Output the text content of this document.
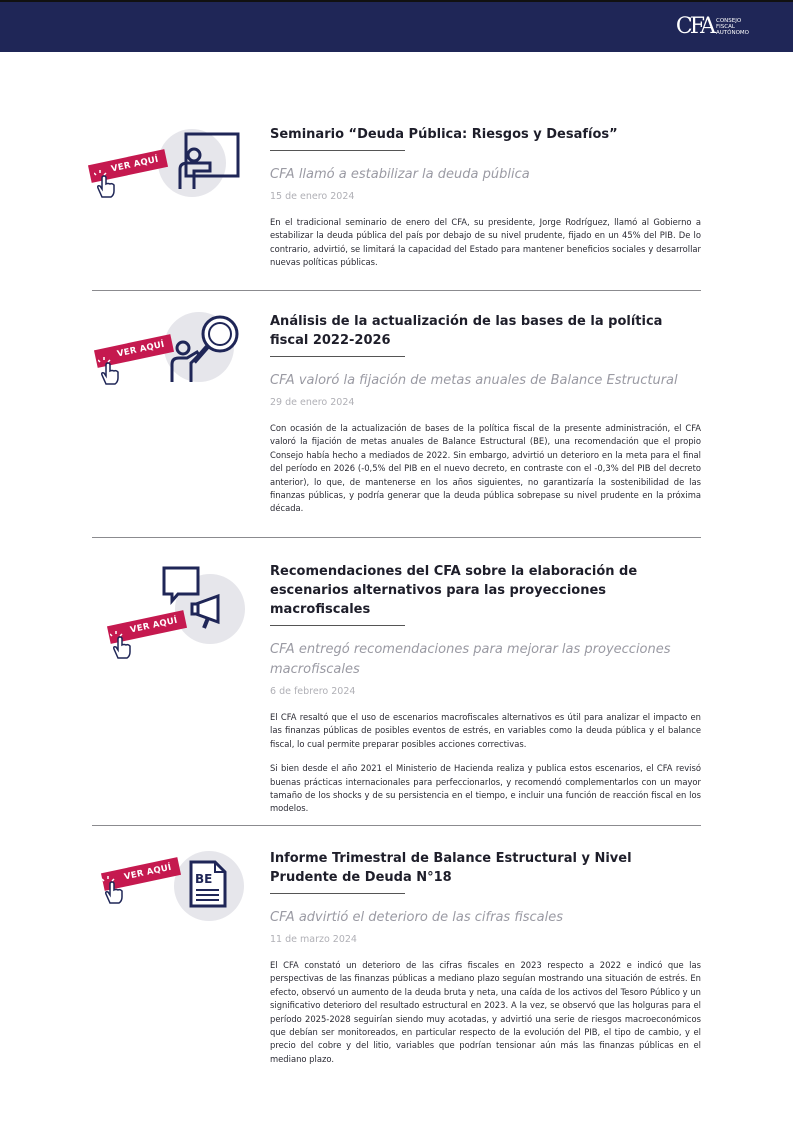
CFA CONSEJO
FISCAL
AUTÓNOMO
VER AQUÍ
Seminario “Deuda Pública: Riesgos y Desafíos”
CFA llamó a estabilizar la deuda pública
15 de enero 2024

En el tradicional seminario de enero del CFA, su presidente, Jorge Rodríguez, llamó al Gobierno a estabilizar la deuda pública del país por debajo de su nivel prudente, fijado en un 45% del PIB. De lo contrario, advirtió, se limitará la capacidad del Estado para mantener beneficios sociales y desarrollar nuevas políticas públicas.

VER AQUÍ
Análisis de la actualización de las bases de la política fiscal 2022-2026
CFA valoró la fijación de metas anuales de Balance Estructural
29 de enero 2024

Con ocasión de la actualización de bases de la política fiscal de la presente administración, el CFA valoró la fijación de metas anuales de Balance Estructural (BE), una recomendación que el propio Consejo había hecho a mediados de 2022. Sin embargo, advirtió un deterioro en la meta para el final del período en 2026 (-0,5% del PIB en el nuevo decreto, en contraste con el -0,3% del PIB del decreto anterior), lo que, de mantenerse en los años siguientes, no garantizaría la sostenibilidad de las finanzas públicas, y podría generar que la deuda pública sobrepase su nivel prudente en la próxima década.

VER AQUÍ
Recomendaciones del CFA sobre la elaboración de escenarios alternativos para las proyecciones macrofiscales
CFA entregó recomendaciones para mejorar las proyecciones macrofiscales
6 de febrero 2024

El CFA resaltó que el uso de escenarios macrofiscales alternativos es útil para analizar el impacto en las finanzas públicas de posibles eventos de estrés, en variables como la deuda pública y el balance fiscal, lo cual permite preparar posibles acciones correctivas.

Si bien desde el año 2021 el Ministerio de Hacienda realiza y publica estos escenarios, el CFA revisó buenas prácticas internacionales para perfeccionarlos, y recomendó complementarlos con un mayor tamaño de los shocks y de su persistencia en el tiempo, e incluir una función de reacción fiscal en los modelos.

BE
VER AQUÍ
Informe Trimestral de Balance Estructural y Nivel Prudente de Deuda N°18
CFA advirtió el deterioro de las cifras fiscales
11 de marzo 2024

El CFA constató un deterioro de las cifras fiscales en 2023 respecto a 2022 e indicó que las perspectivas de las finanzas públicas a mediano plazo seguían mostrando una situación de estrés. En efecto, observó un aumento de la deuda bruta y neta, una caída de los activos del Tesoro Público y un significativo deterioro del resultado estructural en 2023. A la vez, se observó que las holguras para el período 2025-2028 seguirían siendo muy acotadas, y advirtió una serie de riesgos macroeconómicos que debían ser monitoreados, en particular respecto de la evolución del PIB, el tipo de cambio, y el precio del cobre y del litio, variables que podrían tensionar aún más las finanzas públicas en el mediano plazo.
